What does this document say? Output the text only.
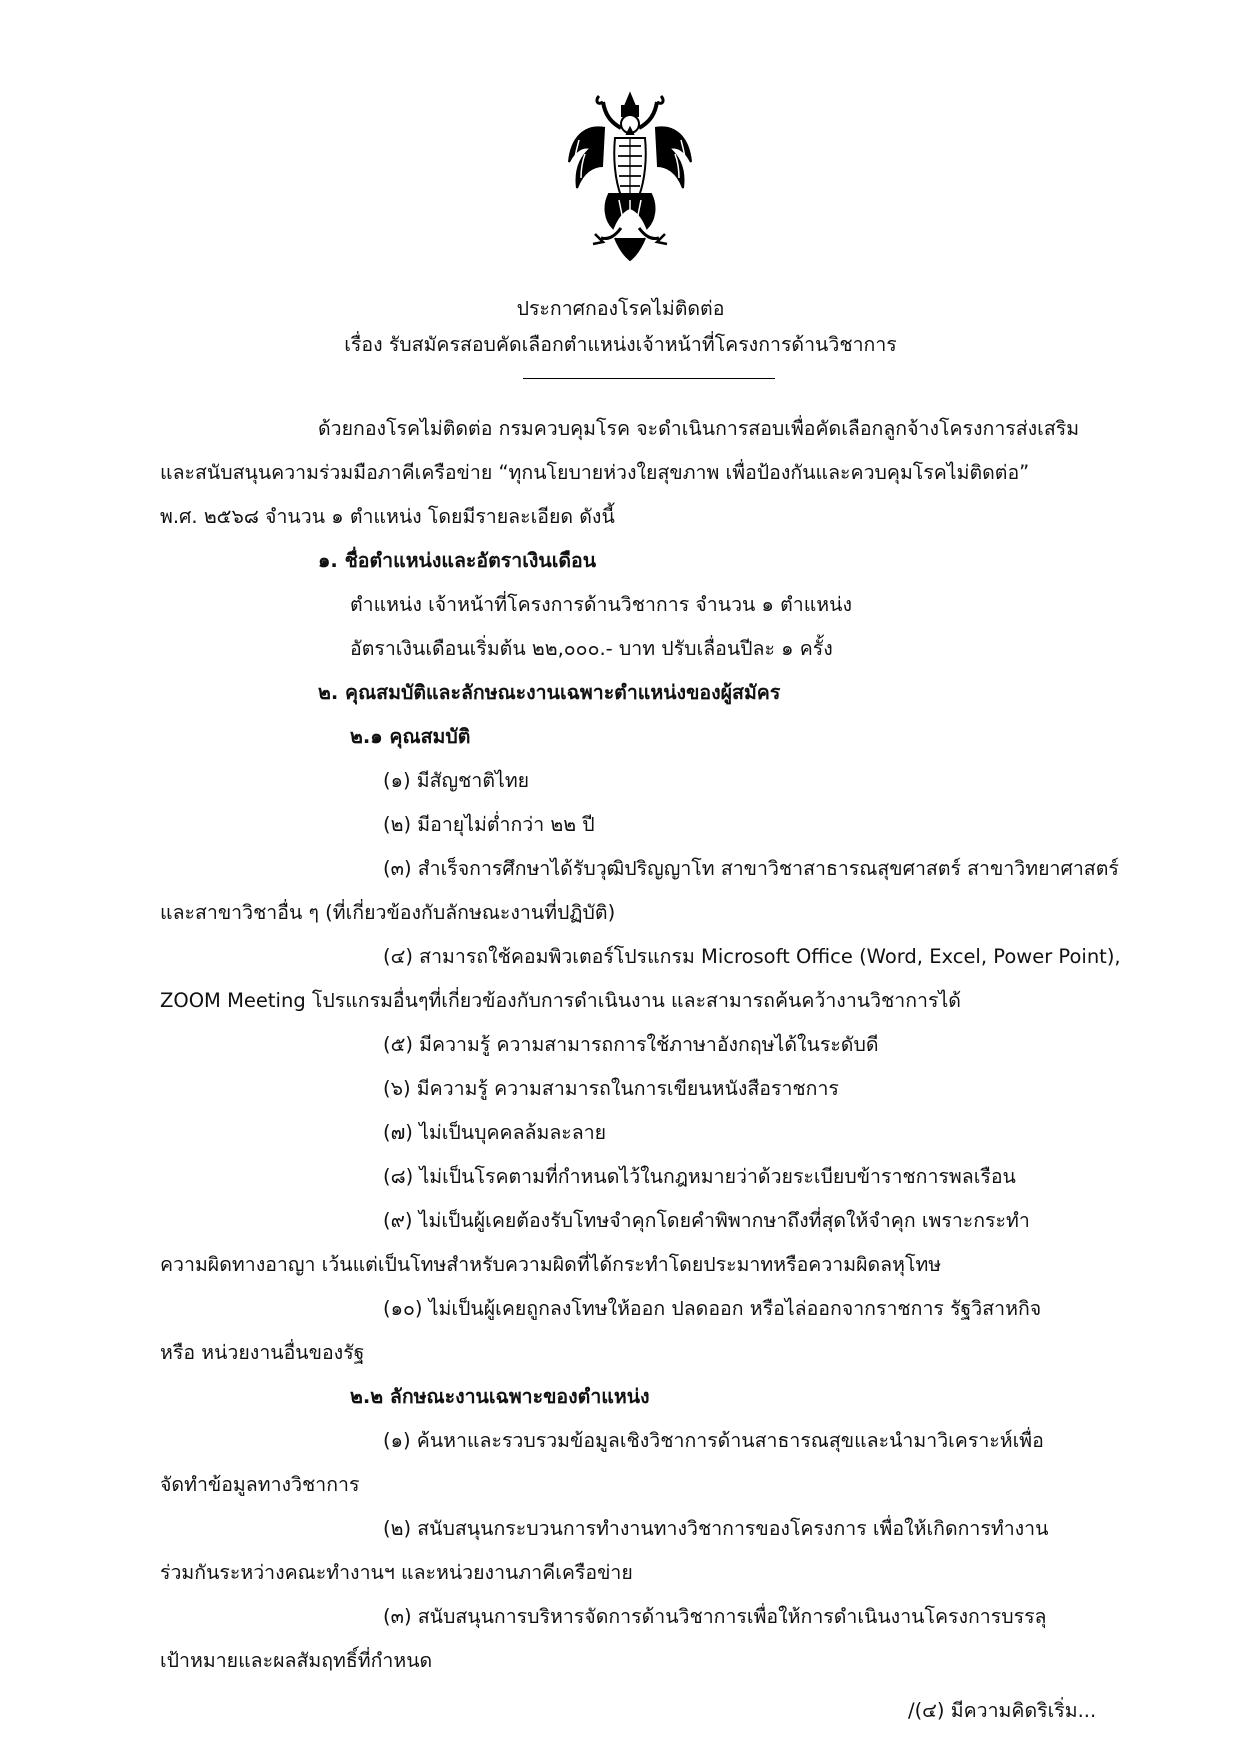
ประกาศกองโรคไม่ติดต่อ
เรื่อง รับสมัครสอบคัดเลือกตำแหน่งเจ้าหน้าที่โครงการด้านวิชาการ
ด้วยกองโรคไม่ติดต่อ กรมควบคุมโรค จะดำเนินการสอบเพื่อคัดเลือกลูกจ้างโครงการส่งเสริม
และสนับสนุนความร่วมมือภาคีเครือข่าย “ทุกนโยบายห่วงใยสุขภาพ เพื่อป้องกันและควบคุมโรคไม่ติดต่อ”
พ.ศ. ๒๕๖๘ จำนวน ๑ ตำแหน่ง โดยมีรายละเอียด ดังนี้
๑. ชื่อตำแหน่งและอัตราเงินเดือน
ตำแหน่ง เจ้าหน้าที่โครงการด้านวิชาการ จำนวน ๑ ตำแหน่ง
อัตราเงินเดือนเริ่มต้น ๒๒,๐๐๐.- บาท ปรับเลื่อนปีละ ๑ ครั้ง
๒. คุณสมบัติและลักษณะงานเฉพาะตำแหน่งของผู้สมัคร
๒.๑ คุณสมบัติ
(๑) มีสัญชาติไทย
(๒) มีอายุไม่ต่ำกว่า ๒๒ ปี
(๓) สำเร็จการศึกษาได้รับวุฒิปริญญาโท สาขาวิชาสาธารณสุขศาสตร์ สาขาวิทยาศาสตร์
และสาขาวิชาอื่น ๆ (ที่เกี่ยวข้องกับลักษณะงานที่ปฏิบัติ)
(๔) สามารถใช้คอมพิวเตอร์โปรแกรม Microsoft Office (Word, Excel, Power Point),
ZOOM Meeting โปรแกรมอื่นๆที่เกี่ยวข้องกับการดำเนินงาน และสามารถค้นคว้างานวิชาการได้
(๕) มีความรู้ ความสามารถการใช้ภาษาอังกฤษได้ในระดับดี
(๖) มีความรู้ ความสามารถในการเขียนหนังสือราชการ
(๗) ไม่เป็นบุคคลล้มละลาย
(๘) ไม่เป็นโรคตามที่กำหนดไว้ในกฎหมายว่าด้วยระเบียบข้าราชการพลเรือน
(๙) ไม่เป็นผู้เคยต้องรับโทษจำคุกโดยคำพิพากษาถึงที่สุดให้จำคุก เพราะกระทำ
ความผิดทางอาญา เว้นแต่เป็นโทษสำหรับความผิดที่ได้กระทำโดยประมาทหรือความผิดลหุโทษ
(๑๐) ไม่เป็นผู้เคยถูกลงโทษให้ออก ปลดออก หรือไล่ออกจากราชการ รัฐวิสาหกิจ
หรือ หน่วยงานอื่นของรัฐ
๒.๒ ลักษณะงานเฉพาะของตำแหน่ง
(๑) ค้นหาและรวบรวมข้อมูลเชิงวิชาการด้านสาธารณสุขและนำมาวิเคราะห์เพื่อ
จัดทำข้อมูลทางวิชาการ
(๒) สนับสนุนกระบวนการทำงานทางวิชาการของโครงการ เพื่อให้เกิดการทำงาน
ร่วมกันระหว่างคณะทำงานฯ และหน่วยงานภาคีเครือข่าย
(๓) สนับสนุนการบริหารจัดการด้านวิชาการเพื่อให้การดำเนินงานโครงการบรรลุ
เป้าหมายและผลสัมฤทธิ์ที่กำหนด
/(๔) มีความคิดริเริ่ม...
